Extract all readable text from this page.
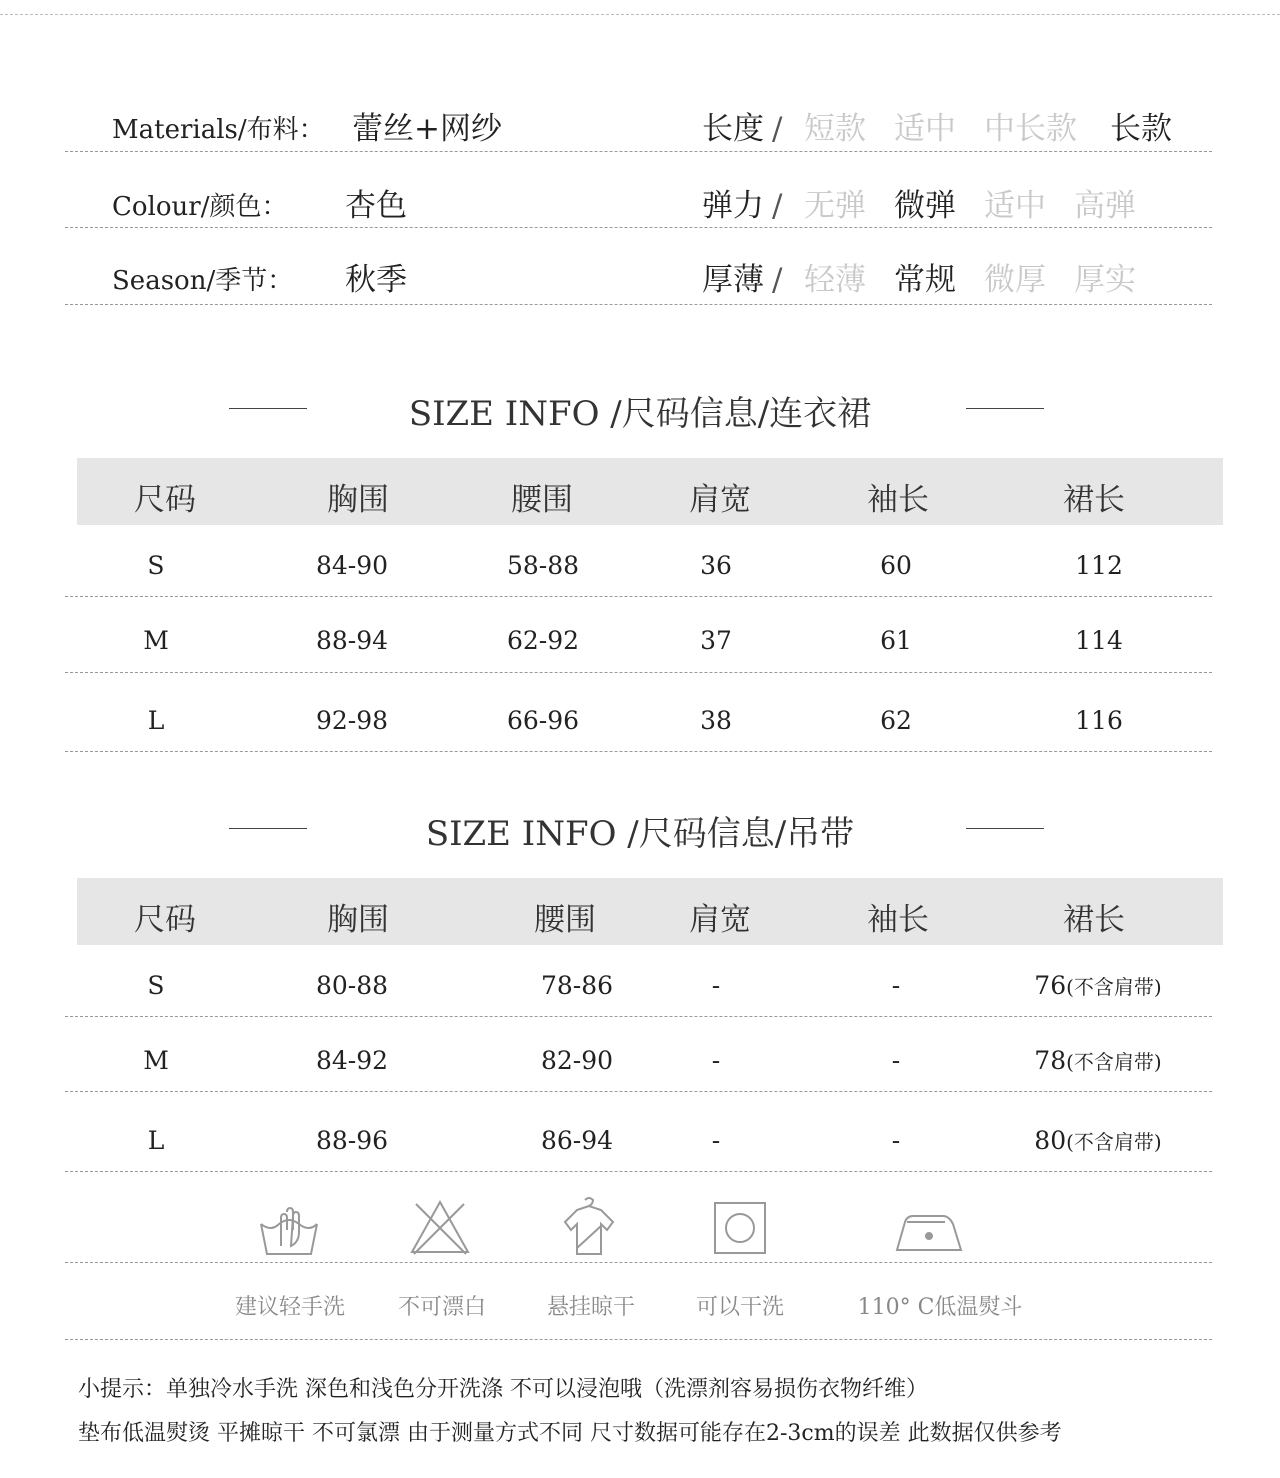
Materials/布料： 蕾丝+网纱	长度 / 短款 适中 中长款 长款
Colour/颜色： 杏色	弹力 / 无弹 微弹 适中 高弹
Season/季节： 秋季	厚薄 / 轻薄 常规 微厚 厚实
SIZE INFO /尺码信息/连衣裙
尺码	胸围	腰围	肩宽	袖长	裙长
S	84-90	58-88	36	60	112
M	88-94	62-92	37	61	114
L	92-98	66-96	38	62	116
SIZE INFO /尺码信息/吊带
尺码	胸围	腰围	肩宽	袖长	裙长
S	80-88	78-86	-	-	76(不含肩带)
M	84-92	82-90	-	-	78(不含肩带)
L	88-96	86-94	-	-	80(不含肩带)
建议轻手洗 不可漂白	悬挂晾干	可以干洗	110° C低温熨斗
小提示：单独冷水手洗 深色和浅色分开洗涤 不可以浸泡哦（洗漂剂容易损伤衣物纤维）
垫布低温熨烫 平摊晾干 不可氯漂 由于测量方式不同 尺寸数据可能存在2-3cm的误差 此数据仅供参考
